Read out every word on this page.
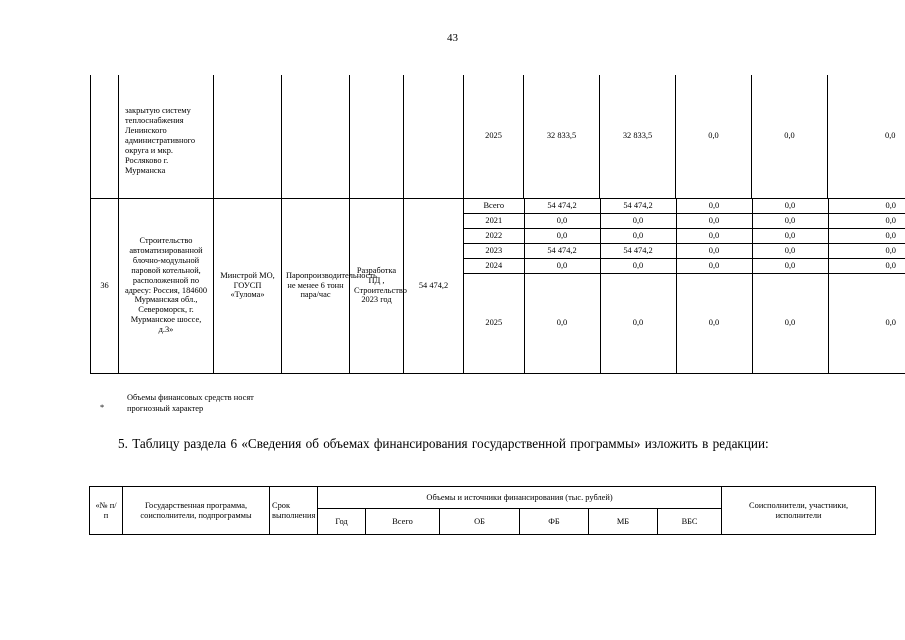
43
	закрытую систему теплоснабжения Ленинского административного округа и мкр. Росляково г. Мурманска					2025	32 833,5	32 833,5	0,0	0,0	0,0
36	Строительство автоматизированной блочно-модульной паровой котельной, расположенной по адресу: Россия, 184600 Мурманская обл., Североморск, г. Мурманское шоссе, д.3»	Минстрой МО, ГОУСП «Тулома»	Паропроизводительность не менее 6 тонн пара/час	Разработка ПД , Строительство 2023 год	54 474,2	
Всего	54 474,2	54 474,2	0,0	0,0	0,0
2021	0,0	0,0	0,0	0,0	0,0
2022	0,0	0,0	0,0	0,0	0,0
2023	54 474,2	54 474,2	0,0	0,0	0,0
2024	0,0	0,0	0,0	0,0	0,0
2025	0,0	0,0	0,0	0,0	0,0
*
Объемы финансовых средств носят
прогнозный характер
5. Таблицу раздела 6 «Сведения об объемах финансирования государственной программы» изложить в редакции:
«№ п/п	Государственная программа, соисполнители, подпрограммы	Срок выполнения	Объемы и источники финансирования (тыс. рублей)						Соисполнители, участники, исполнители
			Год	Всего	ОБ	ФБ	МБ	ВБС	
